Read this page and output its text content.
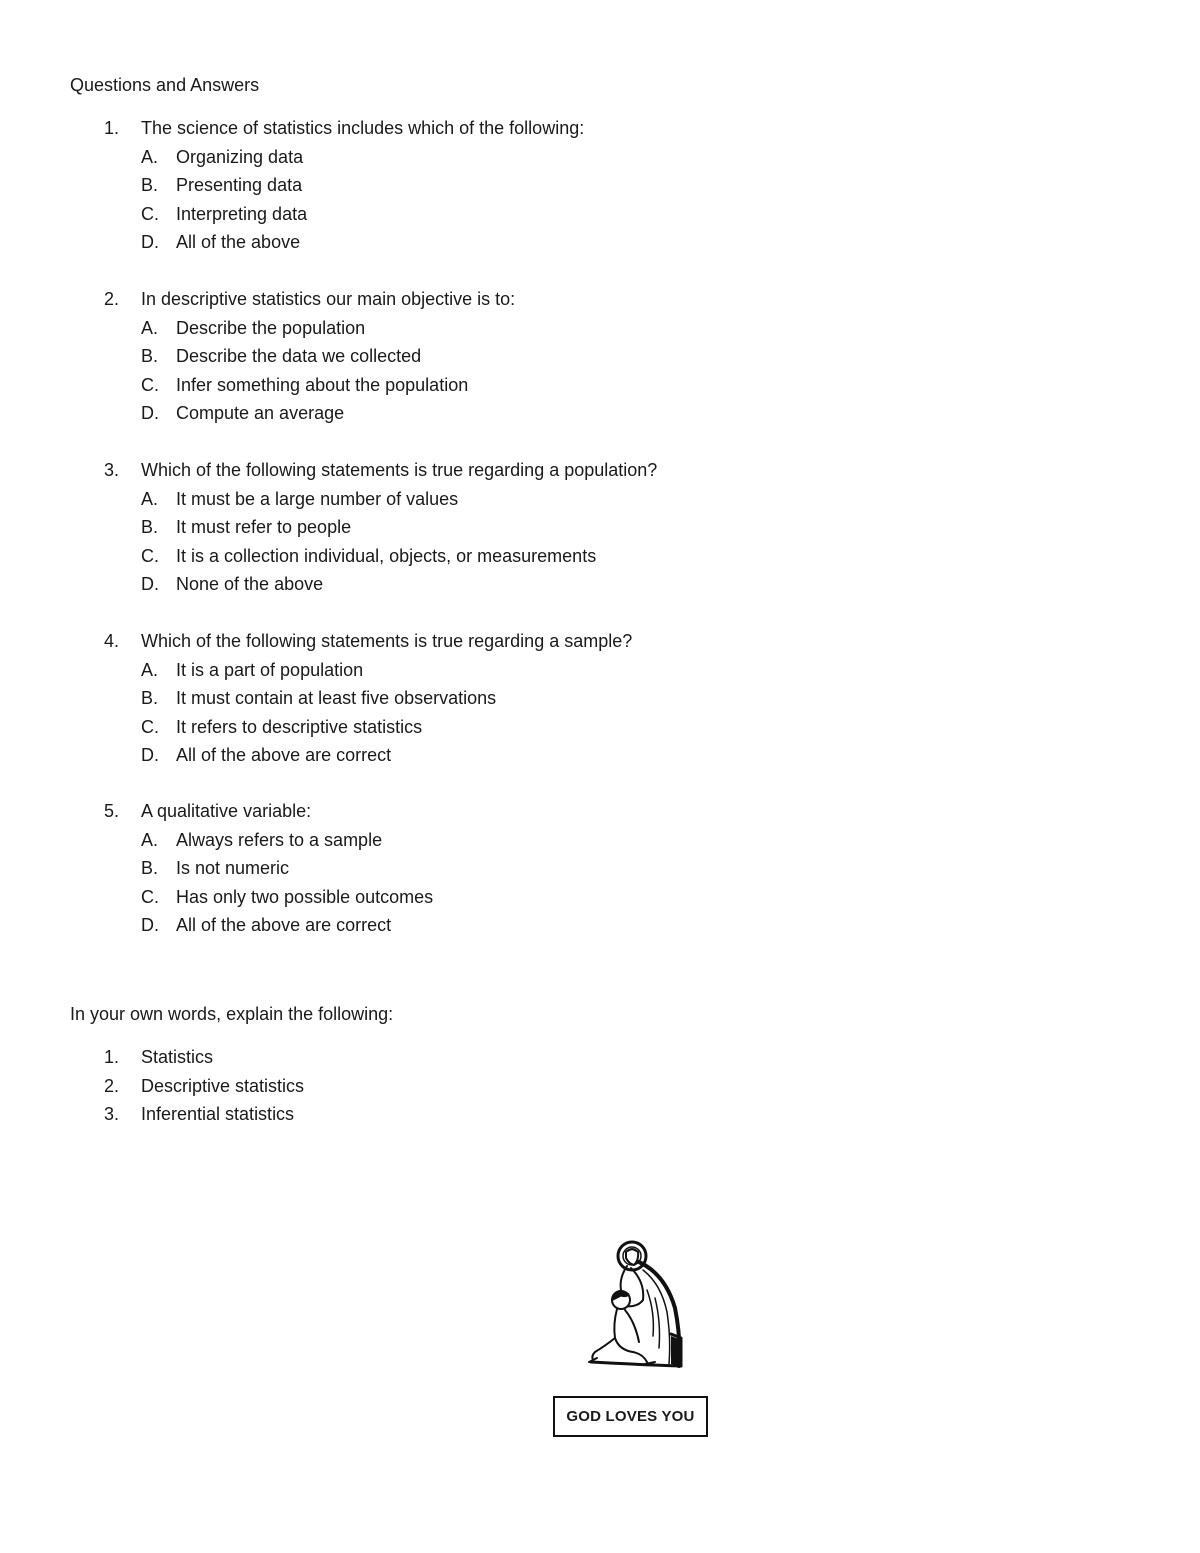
Questions and Answers
1.	The science of statistics includes which of the following:
A. Organizing data
B. Presenting data
C. Interpreting data
D. All of the above
2.	In descriptive statistics our main objective is to:
A. Describe the population
B. Describe the data we collected
C. Infer something about the population
D. Compute an average
3.	Which of the following statements is true regarding a population?
A. It must be a large number of values
B. It must refer to people
C. It is a collection individual, objects, or measurements
D. None of the above
4.	Which of the following statements is true regarding a sample?
A. It is a part of population
B. It must contain at least five observations
C. It refers to descriptive statistics
D. All of the above are correct
5.	A qualitative variable:
A. Always refers to a sample
B. Is not numeric
C. Has only two possible outcomes
D. All of the above are correct
In your own words, explain the following:
1.	Statistics
2.	Descriptive statistics
3.	Inferential statistics
GOD LOVES YOU
